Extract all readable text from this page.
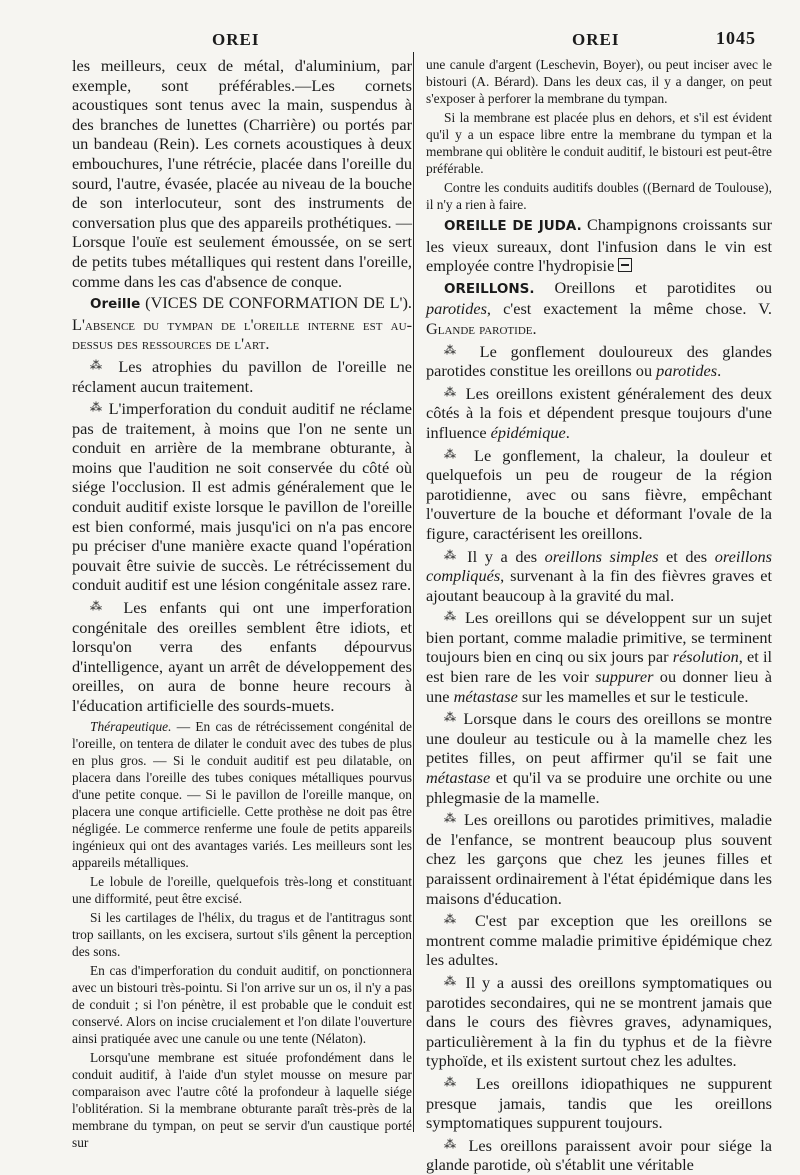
OREI	OREI	1045

les meilleurs, ceux de métal, d'aluminium, par exemple, sont préférables.—Les cornets acoustiques sont tenus avec la main, suspendus à des branches de lunettes (Charrière) ou portés par un bandeau (Rein). Les cornets acoustiques à deux embouchures, l'une rétrécie, placée dans l'oreille du sourd, l'autre, évasée, placée au niveau de la bouche de son interlocuteur, sont des instruments de conversation plus que des appareils prothétiques. — Lorsque l'ouïe est seulement émoussée, on se sert de petits tubes métalliques qui restent dans l'oreille, comme dans les cas d'absence de conque.

Oreille (VICES DE CONFORMATION DE L'). L'absence du tympan de l'oreille interne est au-dessus des ressources de l'art.

⁂ Les atrophies du pavillon de l'oreille ne réclament aucun traitement.

⁂ L'imperforation du conduit auditif ne réclame pas de traitement, à moins que l'on ne sente un conduit en arrière de la membrane obturante, à moins que l'audition ne soit conservée du côté où siége l'occlusion. Il est admis généralement que le conduit auditif existe lorsque le pavillon de l'oreille est bien conformé, mais jusqu'ici on n'a pas encore pu préciser d'une manière exacte quand l'opération pouvait être suivie de succès. Le rétrécissement du conduit auditif est une lésion congénitale assez rare.

⁂ Les enfants qui ont une imperforation congénitale des oreilles semblent être idiots, et lorsqu'on verra des enfants dépourvus d'intelligence, ayant un arrêt de développement des oreilles, on aura de bonne heure recours à l'éducation artificielle des sourds-muets.

Thérapeutique. — En cas de rétrécissement congénital de l'oreille, on tentera de dilater le conduit avec des tubes de plus en plus gros. — Si le conduit auditif est peu dilatable, on placera dans l'oreille des tubes coniques métalliques pourvus d'une petite conque. — Si le pavillon de l'oreille manque, on placera une conque artificielle. Cette prothèse ne doit pas être négligée. Le commerce renferme une foule de petits appareils ingénieux qui ont des avantages variés. Les meilleurs sont les appareils métalliques.

Le lobule de l'oreille, quelquefois très-long et constituant une difformité, peut être excisé.

Si les cartilages de l'hélix, du tragus et de l'antitragus sont trop saillants, on les excisera, surtout s'ils gênent la perception des sons.

En cas d'imperforation du conduit auditif, on ponctionnera avec un bistouri très-pointu. Si l'on arrive sur un os, il n'y a pas de conduit ; si l'on pénètre, il est probable que le conduit est conservé. Alors on incise crucialement et l'on dilate l'ouverture ainsi pratiquée avec une canule ou une tente (Nélaton).

Lorsqu'une membrane est située profondément dans le conduit auditif, à l'aide d'un stylet mousse on mesure par comparaison avec l'autre côté la profondeur à laquelle siége l'oblitération. Si la membrane obturante paraît très-près de la membrane du tympan, on peut se servir d'un caustique porté sur

une canule d'argent (Leschevin, Boyer), ou peut inciser avec le bistouri (A. Bérard). Dans les deux cas, il y a danger, on peut s'exposer à perforer la membrane du tympan.

Si la membrane est placée plus en dehors, et s'il est évident qu'il y a un espace libre entre la membrane du tympan et la membrane qui oblitère le conduit auditif, le bistouri est peut-être préférable.

Contre les conduits auditifs doubles ((Bernard de Toulouse), il n'y a rien à faire.

OREILLE DE JUDA. Champignons croissants sur les vieux sureaux, dont l'infusion dans le vin est employée contre l'hydropisie

OREILLONS. Oreillons et parotidites ou parotides, c'est exactement la même chose. V. Glande parotide.

⁂ Le gonflement douloureux des glandes parotides constitue les oreillons ou parotides.

⁂ Les oreillons existent généralement des deux côtés à la fois et dépendent presque toujours d'une influence épidémique.

⁂ Le gonflement, la chaleur, la douleur et quelquefois un peu de rougeur de la région parotidienne, avec ou sans fièvre, empêchant l'ouverture de la bouche et déformant l'ovale de la figure, caractérisent les oreillons.

⁂ Il y a des oreillons simples et des oreillons compliqués, survenant à la fin des fièvres graves et ajoutant beaucoup à la gravité du mal.

⁂ Les oreillons qui se développent sur un sujet bien portant, comme maladie primitive, se terminent toujours bien en cinq ou six jours par résolution, et il est bien rare de les voir suppurer ou donner lieu à une métastase sur les mamelles et sur le testicule.

⁂ Lorsque dans le cours des oreillons se montre une douleur au testicule ou à la mamelle chez les petites filles, on peut affirmer qu'il se fait une métastase et qu'il va se produire une orchite ou une phlegmasie de la mamelle.

⁂ Les oreillons ou parotides primitives, maladie de l'enfance, se montrent beaucoup plus souvent chez les garçons que chez les jeunes filles et paraissent ordinairement à l'état épidémique dans les maisons d'éducation.

⁂ C'est par exception que les oreillons se montrent comme maladie primitive épidémique chez les adultes.

⁂ Il y a aussi des oreillons symptomatiques ou parotides secondaires, qui ne se montrent jamais que dans le cours des fièvres graves, adynamiques, particulièrement à la fin du typhus et de la fièvre typhoïde, et ils existent surtout chez les adultes.

⁂ Les oreillons idiopathiques ne suppurent presque jamais, tandis que les oreillons symptomatiques suppurent toujours.

⁂ Les oreillons paraissent avoir pour siége la glande parotide, où s'établit une véritable
